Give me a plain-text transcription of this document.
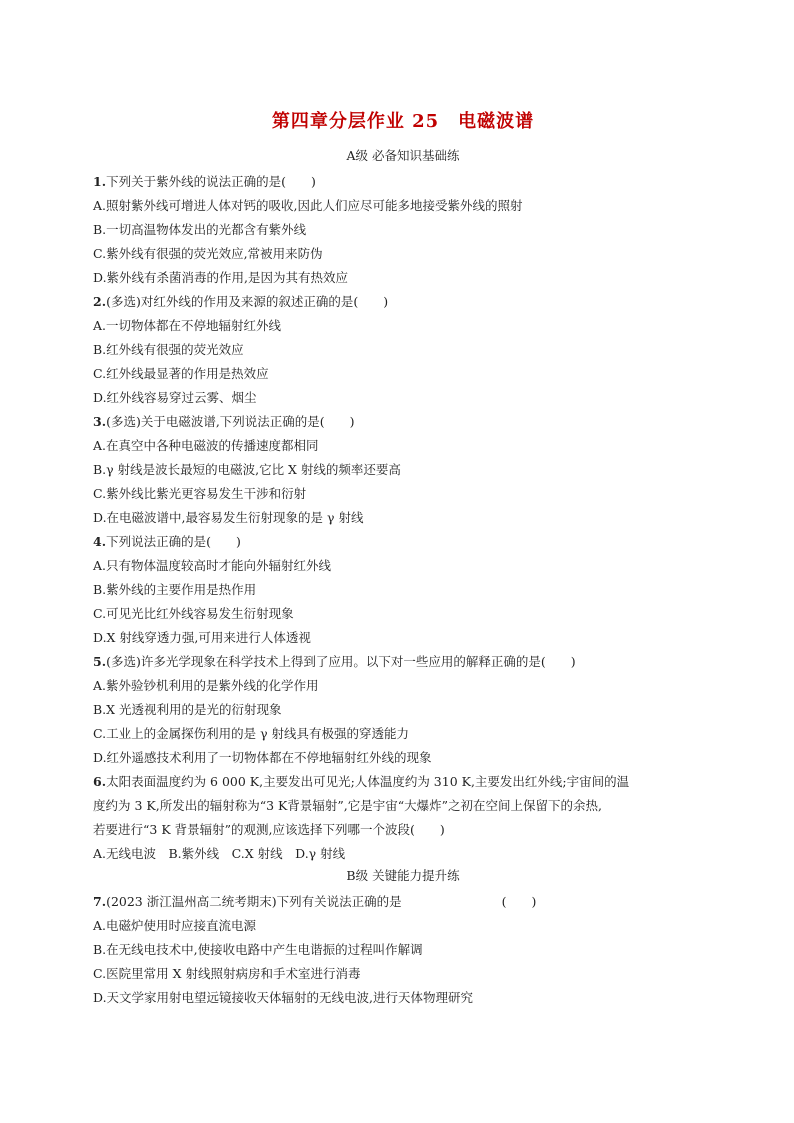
第四章分层作业 25　电磁波谱
A级 必备知识基础练
1.下列关于紫外线的说法正确的是(　　)
A.照射紫外线可增进人体对钙的吸收,因此人们应尽可能多地接受紫外线的照射
B.一切高温物体发出的光都含有紫外线
C.紫外线有很强的荧光效应,常被用来防伪
D.紫外线有杀菌消毒的作用,是因为其有热效应
2.(多选)对红外线的作用及来源的叙述正确的是(　　)
A.一切物体都在不停地辐射红外线
B.红外线有很强的荧光效应
C.红外线最显著的作用是热效应
D.红外线容易穿过云雾、烟尘
3.(多选)关于电磁波谱,下列说法正确的是(　　)
A.在真空中各种电磁波的传播速度都相同
B.γ 射线是波长最短的电磁波,它比 X 射线的频率还要高
C.紫外线比紫光更容易发生干涉和衍射
D.在电磁波谱中,最容易发生衍射现象的是 γ 射线
4.下列说法正确的是(　　)
A.只有物体温度较高时才能向外辐射红外线
B.紫外线的主要作用是热作用
C.可见光比红外线容易发生衍射现象
D.X 射线穿透力强,可用来进行人体透视
5.(多选)许多光学现象在科学技术上得到了应用。以下对一些应用的解释正确的是(　　)
A.紫外验钞机利用的是紫外线的化学作用
B.X 光透视利用的是光的衍射现象
C.工业上的金属探伤利用的是 γ 射线具有极强的穿透能力
D.红外遥感技术利用了一切物体都在不停地辐射红外线的现象
6.太阳表面温度约为 6 000 K,主要发出可见光;人体温度约为 310 K,主要发出红外线;宇宙间的温
度约为 3 K,所发出的辐射称为“3 K背景辐射”,它是宇宙“大爆炸”之初在空间上保留下的余热,
若要进行“3 K 背景辐射”的观测,应该选择下列哪一个波段(　　)
A.无线电波　B.紫外线　C.X 射线　D.γ 射线
B级 关键能力提升练
7.(2023 浙江温州高二统考期末)下列有关说法正确的是	(　　)
A.电磁炉使用时应接直流电源
B.在无线电技术中,使接收电路中产生电谐振的过程叫作解调
C.医院里常用 X 射线照射病房和手术室进行消毒
D.天文学家用射电望远镜接收天体辐射的无线电波,进行天体物理研究
